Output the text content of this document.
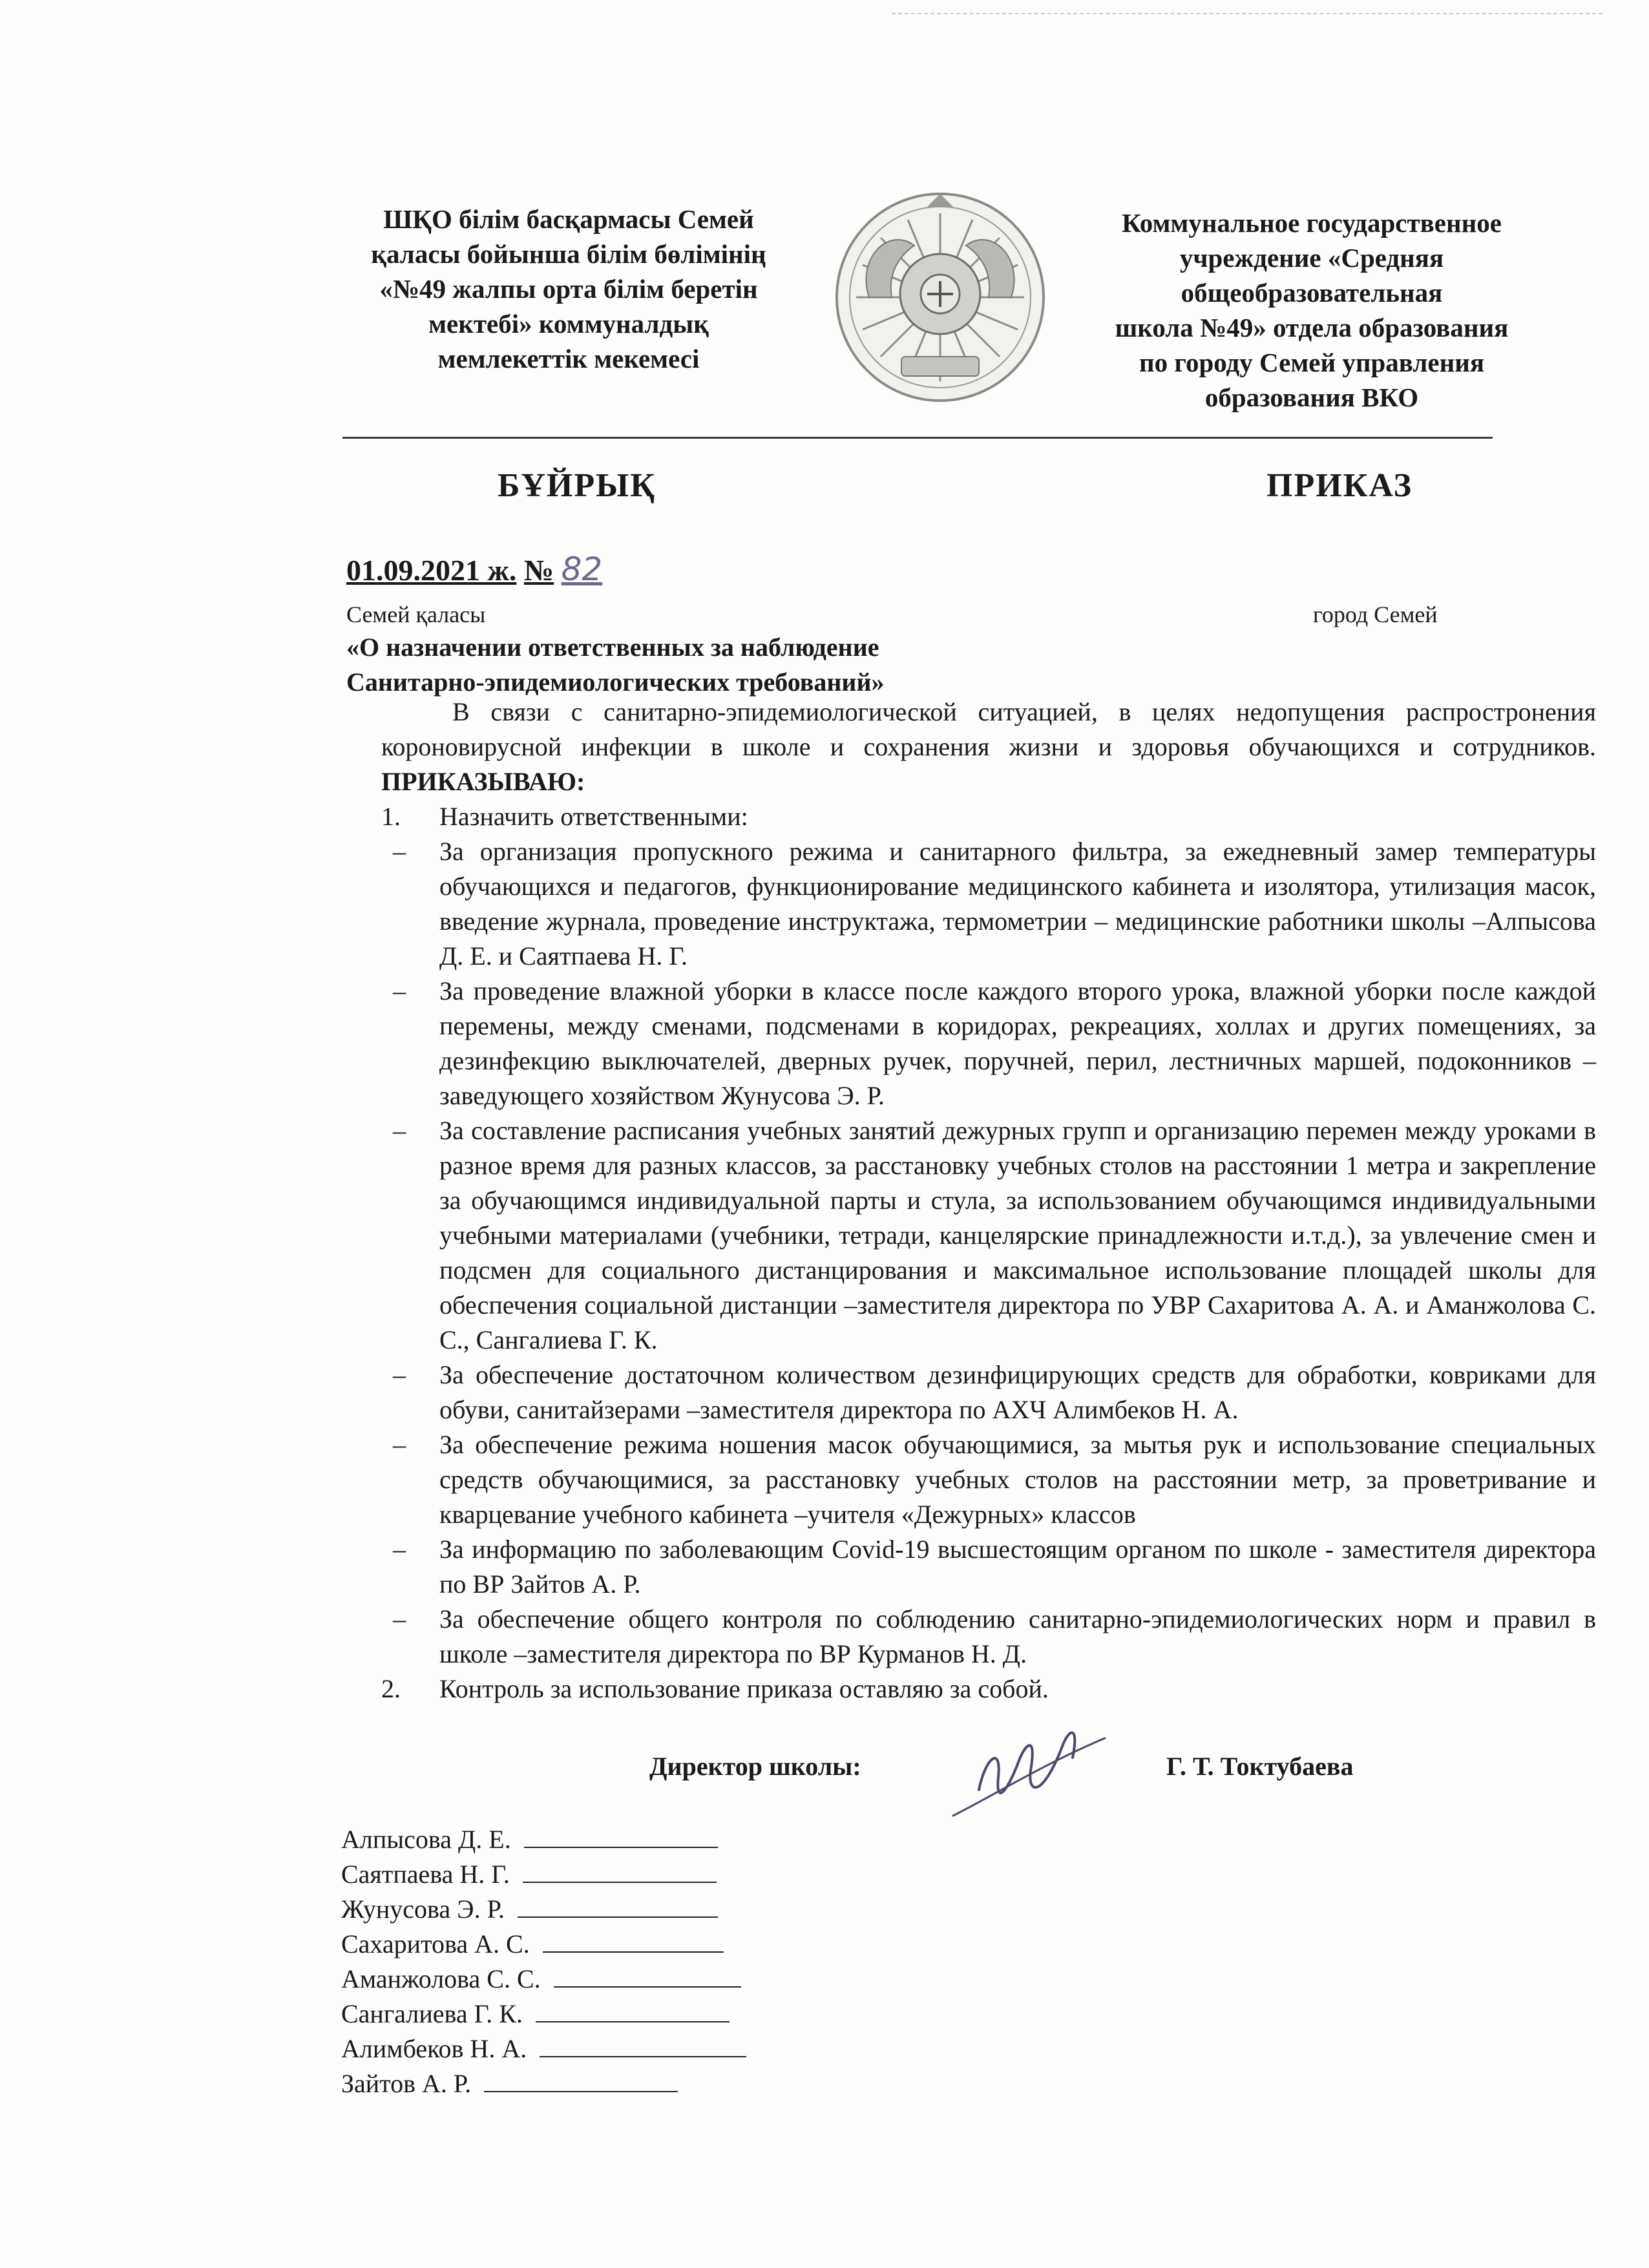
ШҚО білім басқармасы Семей
қаласы бойынша білім бөлімінің
«№49 жалпы орта білім беретін
мектебі» коммуналдық
мемлекеттік мекемесі
Коммунальное государственное
учреждение «Средняя
общеобразовательная
школа №49» отдела образования
по городу Семей управления
образования ВКО
БҰЙРЫҚ	ПРИКАЗ
01.09.2021 ж. № 82
Семей қаласы	город Семей
«О назначении ответственных за наблюдение
Санитарно-эпидемиологических требований»

В связи с санитарно-эпидемиологической ситуацией, в целях недопущения распростронения короновирусной инфекции в школе и сохранения жизни и здоровья обучающихся и сотрудников. ПРИКАЗЫВАЮ:

1. Назначить ответственными:

– За организация пропускного режима и санитарного фильтра, за ежедневный замер температуры обучающихся и педагогов, функционирование медицинского кабинета и изолятора, утилизация масок, введение журнала, проведение инструктажа, термометрии – медицинские работники школы –Алпысова Д. Е. и Саятпаева Н. Г.

– За проведение влажной уборки в классе после каждого второго урока, влажной уборки после каждой перемены, между сменами, подсменами в коридорах, рекреациях, холлах и других помещениях, за дезинфекцию выключателей, дверных ручек, поручней, перил, лестничных маршей, подоконников –заведующего хозяйством Жунусова Э. Р.

– За составление расписания учебных занятий дежурных групп и организацию перемен между уроками в разное время для разных классов, за расстановку учебных столов на расстоянии 1 метра и закрепление за обучающимся индивидуальной парты и стула, за использованием обучающимся индивидуальными учебными материалами (учебники, тетради, канцелярские принадлежности и.т.д.), за увлечение смен и подсмен для социального дистанцирования и максимальное использование площадей школы для обеспечения социальной дистанции –заместителя директора по УВР Сахаритова А. А. и Аманжолова С. С., Сангалиева Г. К.

– За обеспечение достаточном количеством дезинфицирующих средств для обработки, ковриками для обуви, санитайзерами –заместителя директора по АХЧ Алимбеков Н. А.

– За обеспечение режима ношения масок обучающимися, за мытья рук и использование специальных средств обучающимися, за расстановку учебных столов на расстоянии метр, за проветривание и кварцевание учебного кабинета –учителя «Дежурных» классов

– За информацию по заболевающим Covid-19 высшестоящим органом по школе - заместителя директора по ВР Зайтов А. Р.

– За обеспечение общего контроля по соблюдению санитарно-эпидемиологических норм и правил в школе –заместителя директора по ВР Курманов Н. Д.

2. Контроль за использование приказа оставляю за собой.

Директор школы:	Г. Т. Токтубаева
Алпысова Д. Е.
Саятпаева Н. Г.
Жунусова Э. Р.
Сахаритова А. С.
Аманжолова С. С.
Сангалиева Г. К.
Алимбеков Н. А.
Зайтов А. Р.
